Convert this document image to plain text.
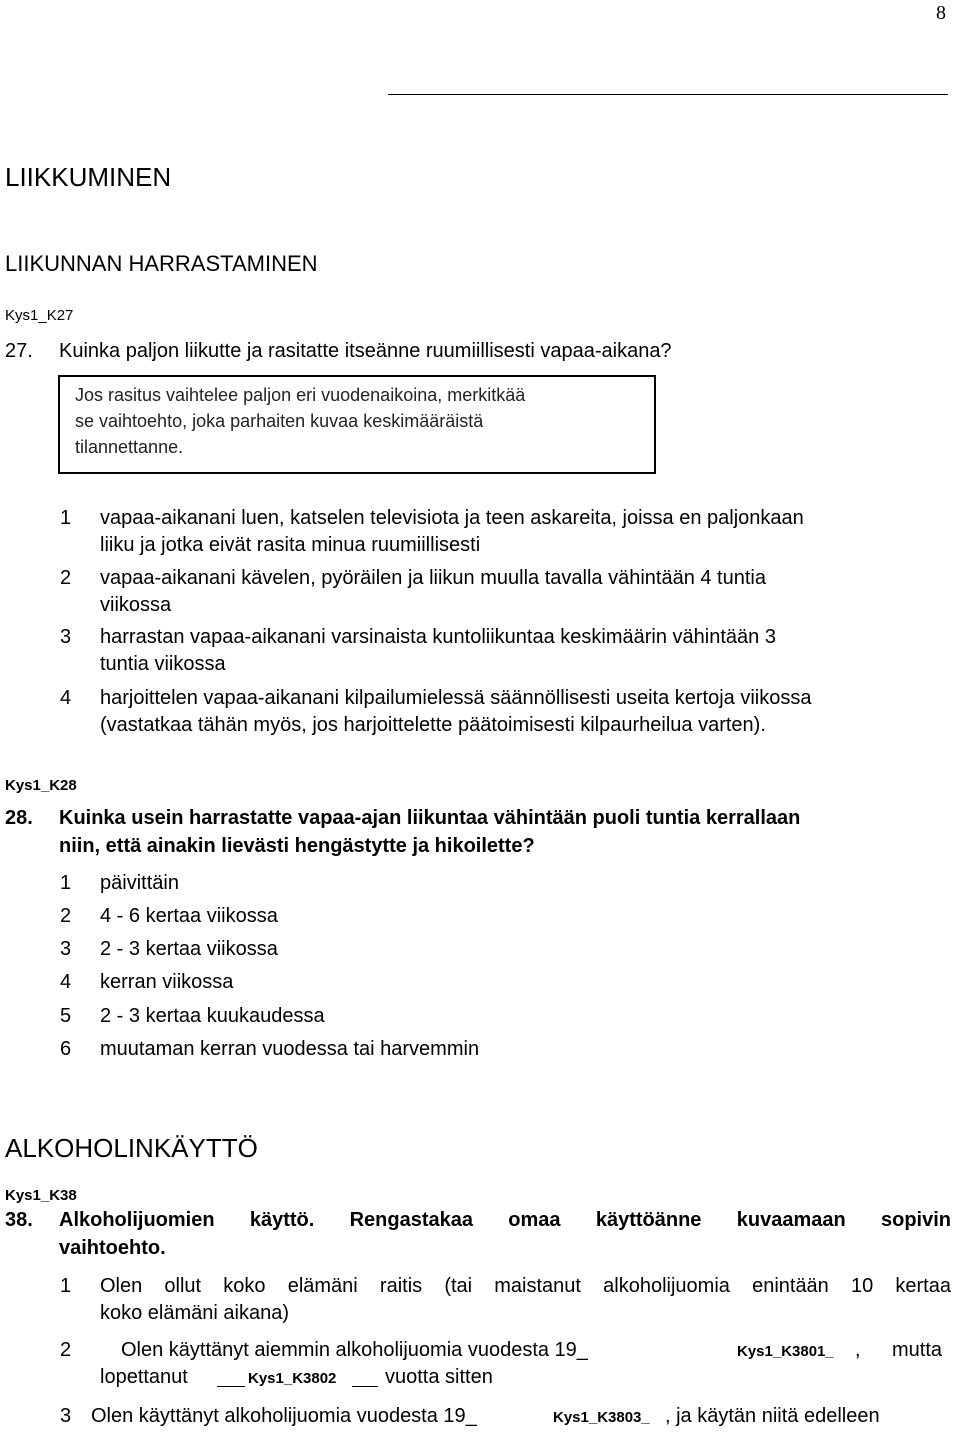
8
LIIKKUMINEN
LIIKUNNAN HARRASTAMINEN
Kys1_K27
27. Kuinka paljon liikutte ja rasitatte itseänne ruumiillisesti vapaa-aikana?
Jos rasitus vaihtelee paljon eri vuodenaikoina, merkitkää
se vaihtoehto, joka parhaiten kuvaa keskimääräistä
tilannettanne.
1 vapaa-aikanani luen, katselen televisiota ja teen askareita, joissa en paljonkaan
liiku ja jotka eivät rasita minua ruumiillisesti
2 vapaa-aikanani kävelen, pyöräilen ja liikun muulla tavalla vähintään 4 tuntia
viikossa
3 harrastan vapaa-aikanani varsinaista kuntoliikuntaa keskimäärin vähintään 3
tuntia viikossa
4 harjoittelen vapaa-aikanani kilpailumielessä säännöllisesti useita kertoja viikossa
(vastatkaa tähän myös, jos harjoittelette päätoimisesti kilpaurheilua varten).
Kys1_K28
28. Kuinka usein harrastatte vapaa-ajan liikuntaa vähintään puoli tuntia kerrallaan
niin, että ainakin lievästi hengästytte ja hikoilette?
1 päivittäin
2 4 - 6 kertaa viikossa
3 2 - 3 kertaa viikossa
4 kerran viikossa
5 2 - 3 kertaa kuukaudessa
6 muutaman kerran vuodessa tai harvemmin
ALKOHOLINKÄYTTÖ
Kys1_K38
38. Alkoholijuomien käyttö. Rengastakaa omaa käyttöänne kuvaamaan sopivin
vaihtoehto.
1 Olen ollut koko elämäni raitis (tai maistanut alkoholijuomia enintään 10 kertaa
koko elämäni aikana)
2 Olen käyttänyt aiemmin alkoholijuomia vuodesta 19_	Kys1_K3801_ , mutta
lopettanut	Kys1_K3802 vuotta sitten
3 Olen käyttänyt alkoholijuomia vuodesta 19_	Kys1_K3803_ , ja käytän niitä edelleen
